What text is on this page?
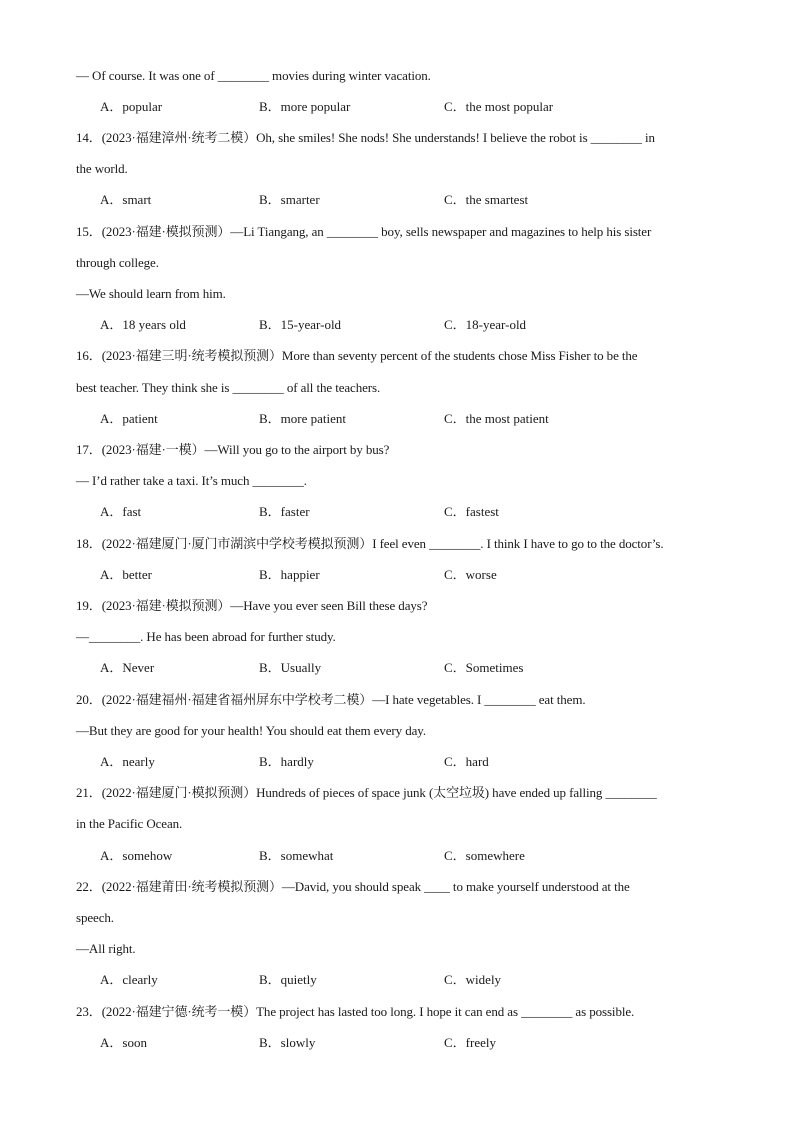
— Of course. It was one of ________ movies during winter vacation.
A．popular	B．more popular	C．the most popular
14．(2023·福建漳州·统考二模）Oh, she smiles! She nods! She understands! I believe the robot is ________ in
the world.
A．smart	B．smarter	C．the smartest
15．(2023·福建·模拟预测）—Li Tiangang, an ________ boy, sells newspaper and magazines to help his sister
through college.
—We should learn from him.
A．18 years old	B．15-year-old	C．18-year-old
16．(2023·福建三明·统考模拟预测）More than seventy percent of the students chose Miss Fisher to be the
best teacher. They think she is ________ of all the teachers.
A．patient	B．more patient	C．the most patient
17．(2023·福建·一模）—Will you go to the airport by bus?
— I’d rather take a taxi. It’s much ________.
A．fast	B．faster	C．fastest
18．(2022·福建厦门·厦门市湖滨中学校考模拟预测）I feel even ________. I think I have to go to the doctor’s.
A．better	B．happier	C．worse
19．(2023·福建·模拟预测）—Have you ever seen Bill these days?
—________. He has been abroad for further study.
A．Never	B．Usually	C．Sometimes
20．(2022·福建福州·福建省福州屏东中学校考二模）—I hate vegetables. I ________ eat them.
—But they are good for your health! You should eat them every day.
A．nearly	B．hardly	C．hard
21．(2022·福建厦门·模拟预测）Hundreds of pieces of space junk (太空垃圾) have ended up falling ________
in the Pacific Ocean.
A．somehow	B．somewhat	C．somewhere
22．(2022·福建莆田·统考模拟预测）—David, you should speak ____ to make yourself understood at the
speech.
—All right.
A．clearly	B．quietly	C．widely
23．(2022·福建宁德·统考一模）The project has lasted too long. I hope it can end as ________ as possible.
A．soon	B．slowly	C．freely
